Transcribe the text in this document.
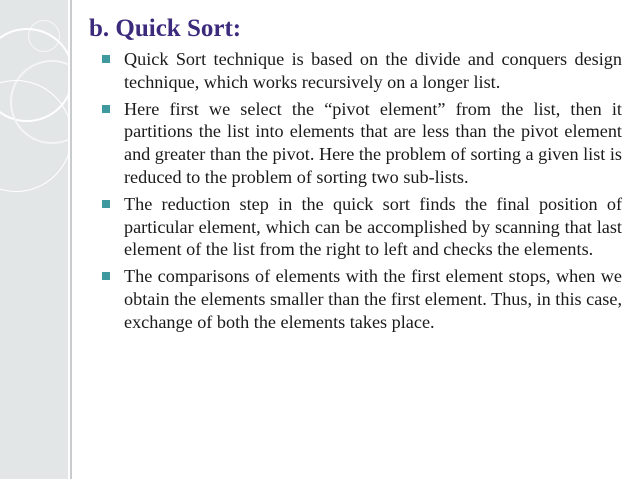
b. Quick Sort:
Quick Sort technique is based on the divide and conquers design technique, which works recursively on a longer list.
Here first we select the “pivot element” from the list, then it partitions the list into elements that are less than the pivot element and greater than the pivot. Here the problem of sorting a given list is reduced to the problem of sorting two sub-lists.
The reduction step in the quick sort finds the final position of particular element, which can be accomplished by scanning that last element of the list from the right to left and checks the elements.
The comparisons of elements with the first element stops, when we obtain the elements smaller than the first element. Thus, in this case, exchange of both the elements takes place.
